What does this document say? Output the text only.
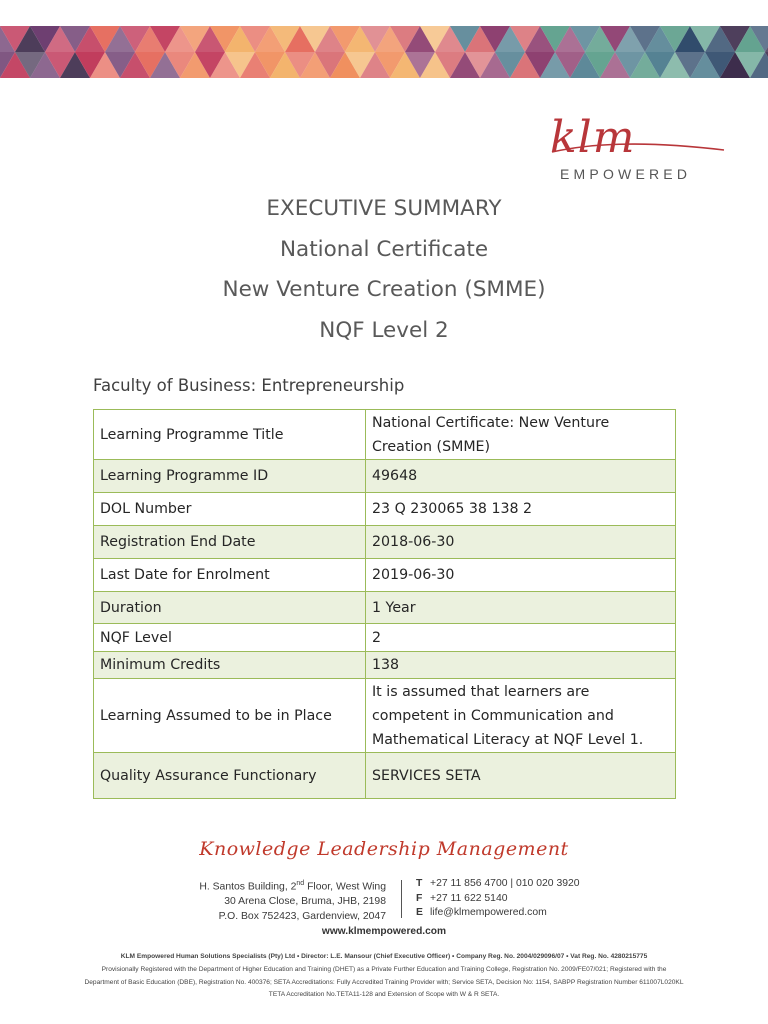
klm
EMPOWERED
EXECUTIVE SUMMARY
National Certificate
New Venture Creation (SMME)
NQF Level 2
Faculty of Business: Entrepreneurship
Learning Programme Title	National Certificate: New Venture Creation (SMME)
Learning Programme ID	49648
DOL Number	23 Q 230065 38 138 2
Registration End Date	2018-06-30
Last Date for Enrolment	2019-06-30
Duration	1 Year
NQF Level	2
Minimum Credits	138
Learning Assumed to be in Place	It is assumed that learners are competent in Communication and Mathematical Literacy at NQF Level 1.
Quality Assurance Functionary	SERVICES SETA
Knowledge Leadership Management
H. Santos Building, 2nd Floor, West Wing
30 Arena Close, Bruma, JHB, 2198
P.O. Box 752423, Gardenview, 2047
T +27 11 856 4700 | 010 020 3920
F +27 11 622 5140
E life@klmempowered.com
www.klmempowered.com
KLM Empowered Human Solutions Specialists (Pty) Ltd • Director: L.E. Mansour (Chief Executive Officer) • Company Reg. No. 2004/029096/07 • Vat Reg. No. 4280215775
Provisionally Registered with the Department of Higher Education and Training (DHET) as a Private Further Education and Training College, Registration No. 2009/FE07/021; Registered with the
Department of Basic Education (DBE), Registration No. 400376; SETA Accreditations: Fully Accredited Training Provider with; Service SETA, Decision No: 1154, SABPP Registration Number 611007L020KL
TETA Accreditation No.TETA11-128 and Extension of Scope with W & R SETA.
